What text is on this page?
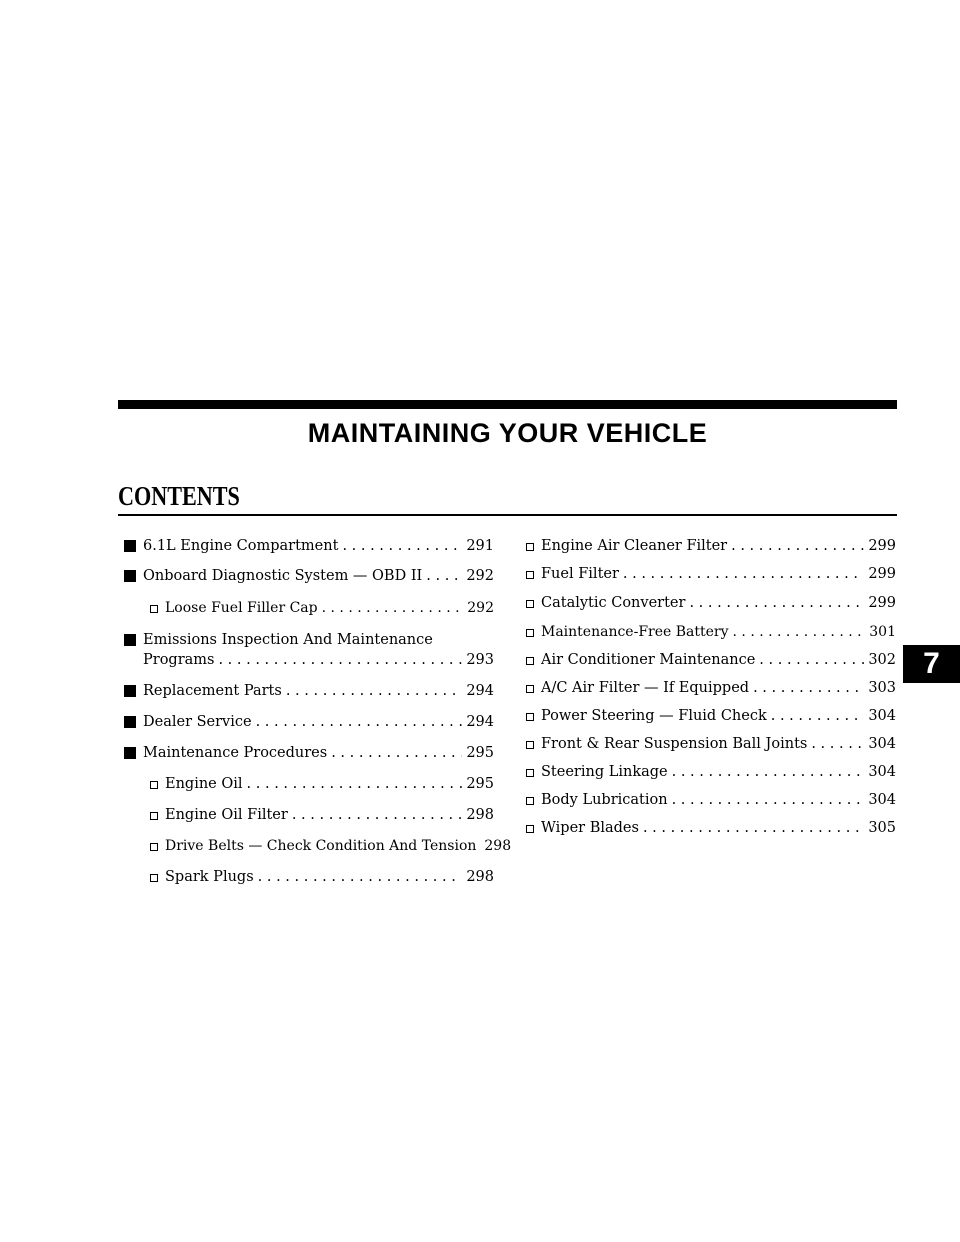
MAINTAINING YOUR VEHICLE
CONTENTS
6.1L Engine Compartment . . .	291
Onboard Diagnostic System — OBD II . . .	292
Loose Fuel Filler Cap . . .	292
Emissions Inspection And Maintenance
Programs . . .	293
Replacement Parts . . .	294
Dealer Service . . .	294
Maintenance Procedures . . .	295
Engine Oil . . .	295
Engine Oil Filter . . .	298
Drive Belts — Check Condition And Tension 298
Spark Plugs . . .	298
Engine Air Cleaner Filter . . .	299
Fuel Filter . . .	299
Catalytic Converter . . .	299
Maintenance-Free Battery . . .	301
Air Conditioner Maintenance . . .	302
A/C Air Filter — If Equipped . . .	303
Power Steering — Fluid Check . . .	304
Front & Rear Suspension Ball Joints . . .	304
Steering Linkage . . .	304
Body Lubrication . . .	304
Wiper Blades . . .	305
7
